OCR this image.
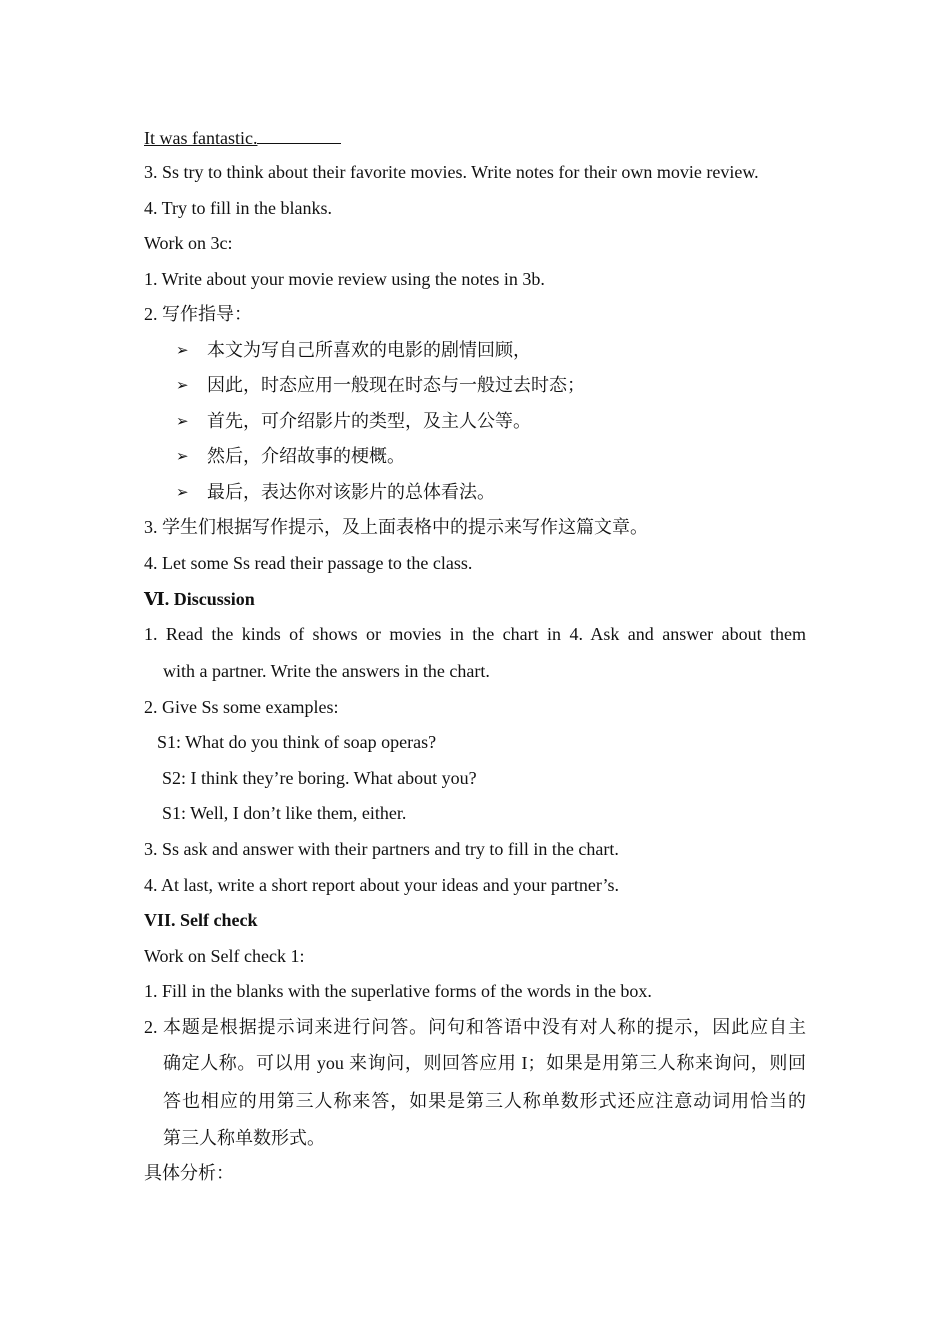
It was fantastic.
3. Ss try to think about their favorite movies. Write notes for their own movie review.
4. Try to fill in the blanks.
Work on 3c:
1. Write about your movie review using the notes in 3b.
2. 写作指导：
➢ 本文为写自己所喜欢的电影的剧情回顾，
➢ 因此，时态应用一般现在时态与一般过去时态；
➢ 首先，可介绍影片的类型，及主人公等。
➢ 然后，介绍故事的梗概。
➢ 最后，表达你对该影片的总体看法。
3. 学生们根据写作提示，及上面表格中的提示来写作这篇文章。
4. Let some Ss read their passage to the class.
Ⅵ. Discussion
1. Read the kinds of shows or movies in the chart in 4. Ask and answer about them
with a partner. Write the answers in the chart.
2. Give Ss some examples:
S1: What do you think of soap operas?
S2: I think they’re boring. What about you?
S1: Well, I don’t like them, either.
3. Ss ask and answer with their partners and try to fill in the chart.
4. At last, write a short report about your ideas and your partner’s.
VII. Self check
Work on Self check 1:
1. Fill in the blanks with the superlative forms of the words in the box.
2. 本题是根据提示词来进行问答。问句和答语中没有对人称的提示，因此应自主
确定人称。可以用 you 来询问，则回答应用 I；如果是用第三人称来询问，则回
答也相应的用第三人称来答，如果是第三人称单数形式还应注意动词用恰当的
第三人称单数形式。
具体分析：
